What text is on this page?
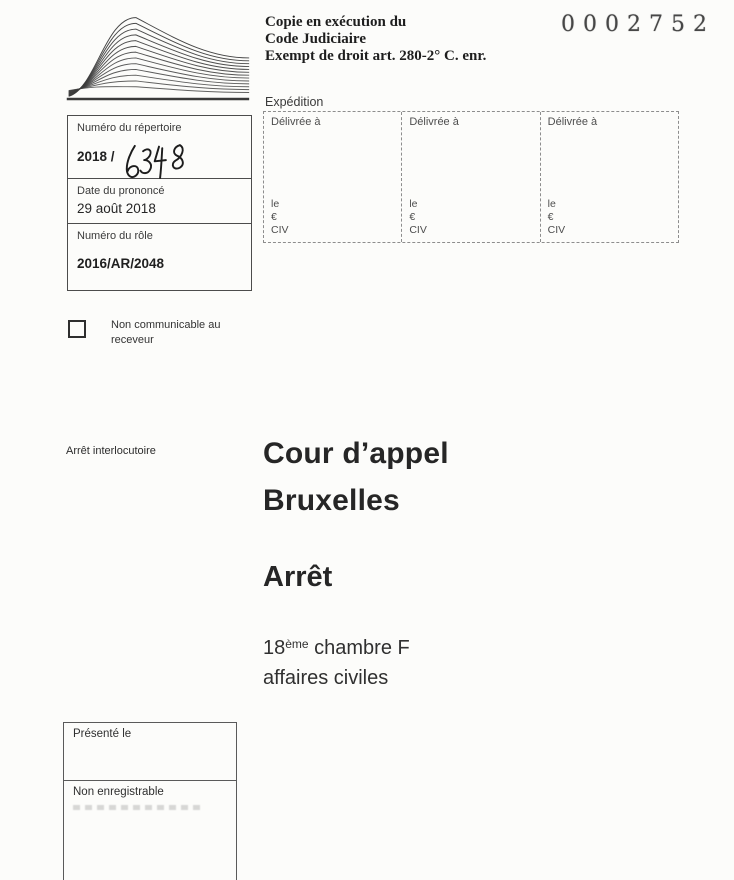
Copie en exécution du
Code Judiciaire
Exempt de droit art. 280-2° C. enr.
0002752
Expédition
Délivrée à
le
€
CIV
Délivrée à
le
€
CIV
Délivrée à
le
€
CIV
Numéro du répertoire
2018 /
Date du prononcé
29 août 2018
Numéro du rôle
2016/AR/2048
Non communicable au
receveur
Arrêt interlocutoire	Cour d’appel
Bruxelles
Arrêt
18ème chambre F
affaires civiles
Présenté le
Non enregistrable
